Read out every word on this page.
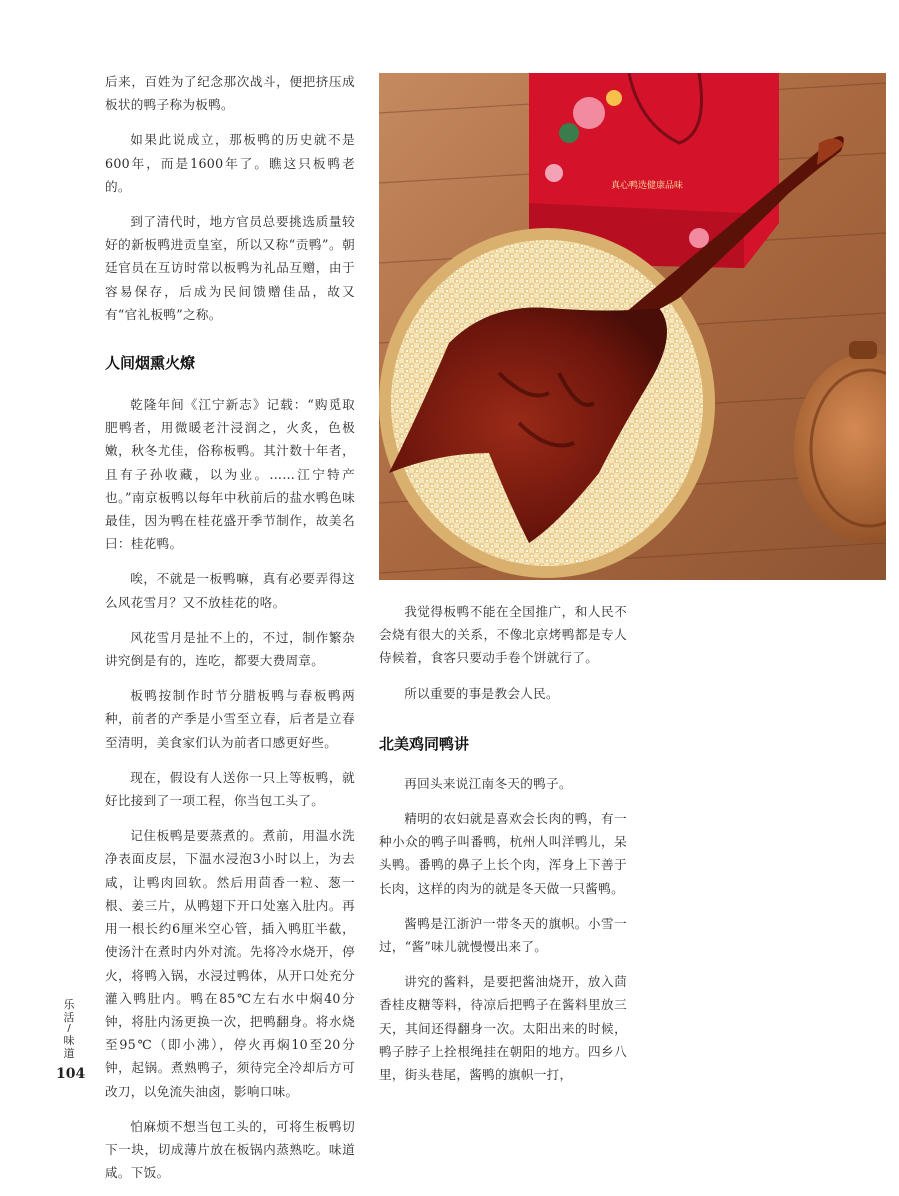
后来，百姓为了纪念那次战斗，便把挤压成板状的鸭子称为板鸭。

如果此说成立，那板鸭的历史就不是600年，而是1600年了。瞧这只板鸭老的。

到了清代时，地方官员总要挑选质量较好的新板鸭进贡皇室，所以又称“贡鸭”。朝廷官员在互访时常以板鸭为礼品互赠，由于容易保存，后成为民间馈赠佳品，故又有“官礼板鸭”之称。

人间烟熏火燎

乾隆年间《江宁新志》记载：“购觅取肥鸭者，用微暖老汁浸润之，火炙，色极嫩，秋冬尤佳，俗称板鸭。其汁数十年者，且有子孙收藏，以为业。……江宁特产也。”南京板鸭以每年中秋前后的盐水鸭色味最佳，因为鸭在桂花盛开季节制作，故美名曰：桂花鸭。

唉，不就是一板鸭嘛，真有必要弄得这么风花雪月？又不放桂花的咯。

风花雪月是扯不上的，不过，制作繁杂讲究倒是有的，连吃，都要大费周章。

板鸭按制作时节分腊板鸭与春板鸭两种，前者的产季是小雪至立春，后者是立春至清明，美食家们认为前者口感更好些。

现在，假设有人送你一只上等板鸭，就好比接到了一项工程，你当包工头了。

记住板鸭是要蒸煮的。煮前，用温水洗净表面皮层，下温水浸泡3小时以上，为去咸，让鸭肉回软。然后用茴香一粒、葱一根、姜三片，从鸭翅下开口处塞入肚内。再用一根长约6厘米空心管，插入鸭肛半截，使汤汁在煮时内外对流。先将冷水烧开，停火，将鸭入锅，水浸过鸭体，从开口处充分灌入鸭肚内。鸭在85℃左右水中焖40分钟，将肚内汤更换一次，把鸭翻身。将水烧至95℃（即小沸），停火再焖10至20分钟，起锅。煮熟鸭子，须待完全冷却后方可改刀，以免流失油卤，影响口味。

怕麻烦不想当包工头的，可将生板鸭切下一块，切成薄片放在板锅内蒸熟吃。味道咸。下饭。

真心鸭选健康品味

我觉得板鸭不能在全国推广，和人民不会烧有很大的关系，不像北京烤鸭都是专人侍候着，食客只要动手卷个饼就行了。

所以重要的事是教会人民。

北美鸡同鸭讲

再回头来说江南冬天的鸭子。

精明的农妇就是喜欢会长肉的鸭，有一种小众的鸭子叫番鸭，杭州人叫洋鸭儿，呆头鸭。番鸭的鼻子上长个肉，浑身上下善于长肉，这样的肉为的就是冬天做一只酱鸭。

酱鸭是江浙沪一带冬天的旗帜。小雪一过，“酱”味儿就慢慢出来了。

讲究的酱料，是要把酱油烧开，放入茴香桂皮糖等料，待凉后把鸭子在酱料里放三天，其间还得翻身一次。太阳出来的时候，鸭子脖子上拴根绳挂在朝阳的地方。四乡八里，街头巷尾，酱鸭的旗帜一打，

乐活
/
味道
104
